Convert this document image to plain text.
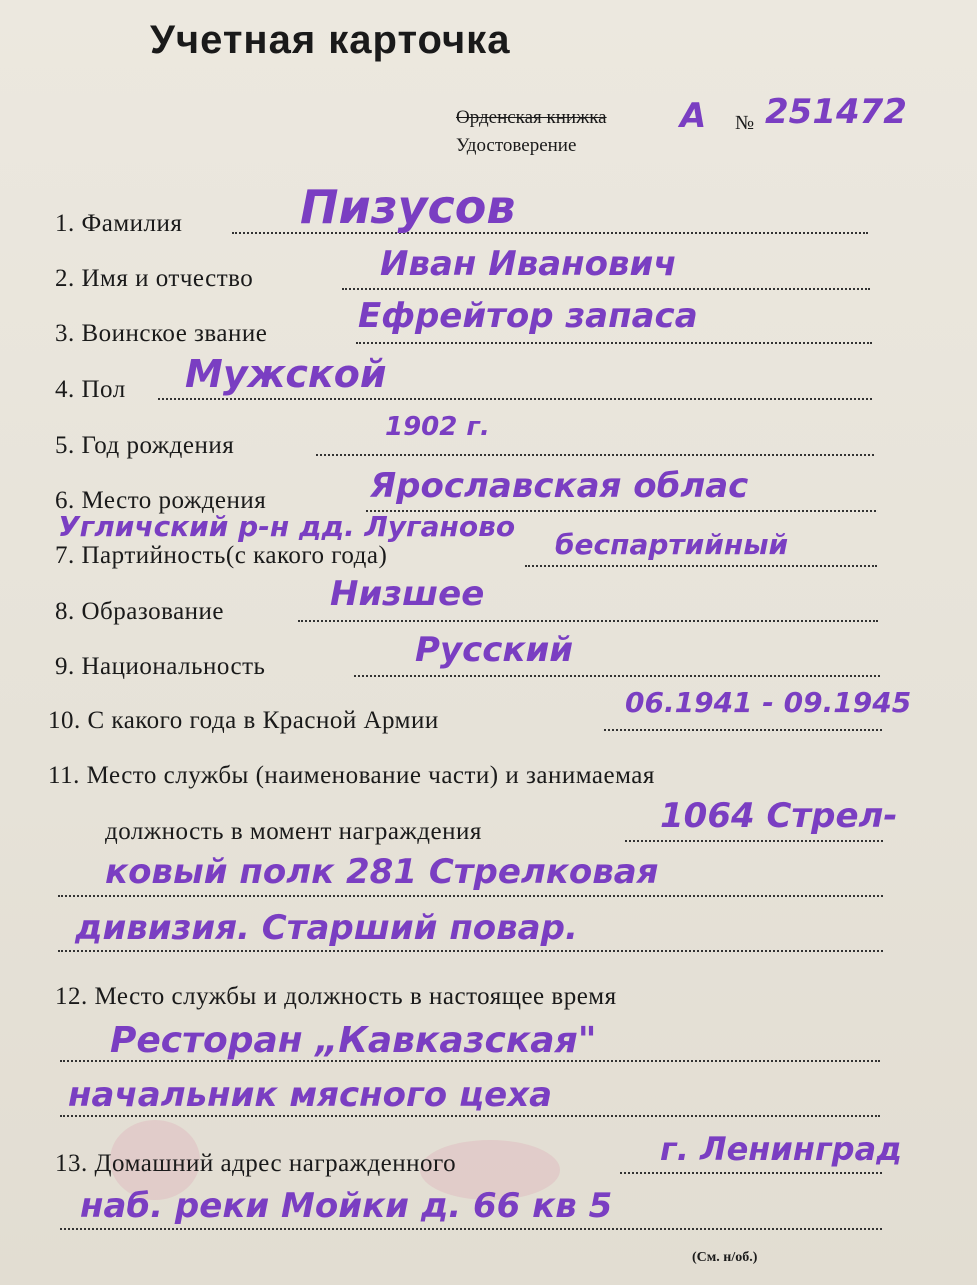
Учетная карточка
Орденская книжка
Удостоверение
А № 251472
1. Фамилия	Пизусов
2. Имя и отчество	Иван Иванович
3. Воинское звание	Ефрейтор запаса
4. Пол Мужской
5. Год рождения
1902 г.
6. Место рождения	Ярославская облас
Угличский р-н дд. Луганово
7. Партийность(с какого года)	беспартийный
8. Образование	Низшее
9. Национальность	Русский
10. С какого года в Красной Армии
06.1941 - 09.1945
11. Место службы (наименование части) и занимаемая
должность в момент награждения	1064 Стрел-
ковый полк 281 Стрелковая
дивизия. Старший повар.
12. Место службы и должность в настоящее время
Ресторан „Кавказская"
начальник мясного цеха
13. Домашний адрес награжденного	г. Ленинград
наб. реки Мойки д. 66 кв 5
(См. н/об.)
